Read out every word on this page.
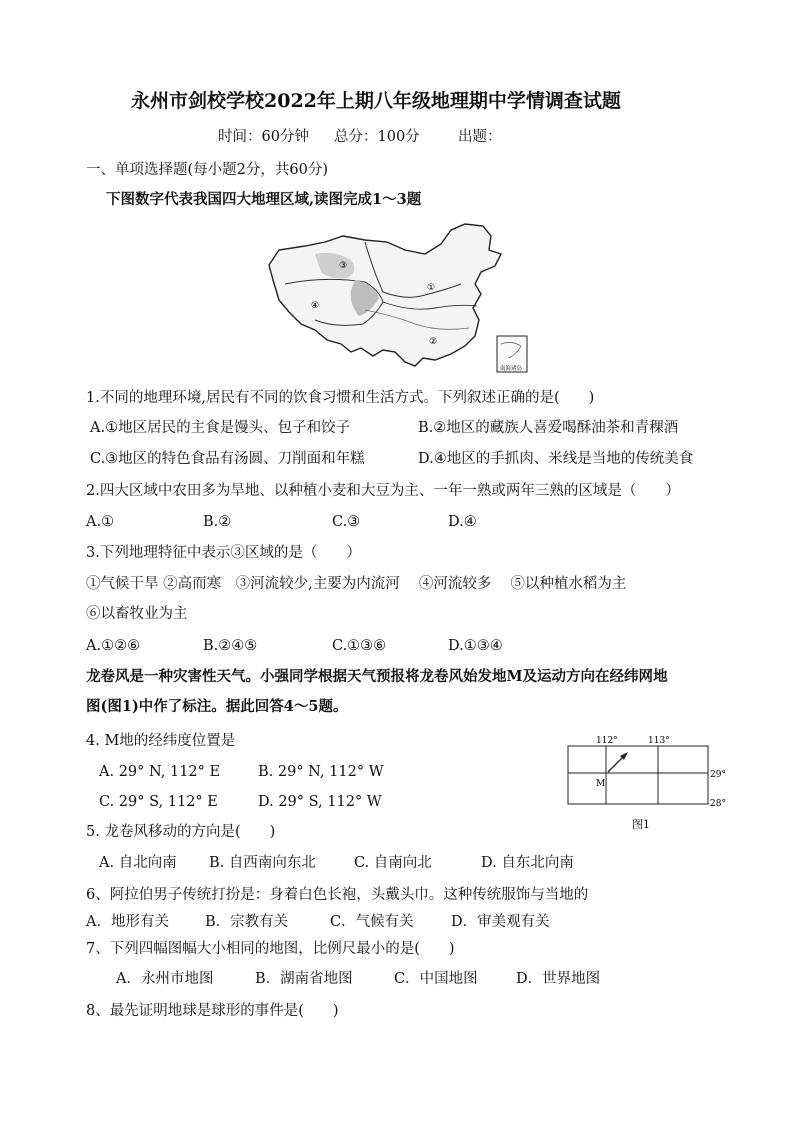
永州市剑校学校2022年上期八年级地理期中学情调查试题
时间：60分钟 总分：100分	出题：
一、单项选择题(每小题2分，共60分)
下图数字代表我国四大地理区域,读图完成1～3题
③
④
①
②
南海诸岛
1.不同的地理环境,居民有不同的饮食习惯和生活方式。下列叙述正确的是(　　)
A.①地区居民的主食是馒头、包子和饺子	B.②地区的藏族人喜爱喝酥油茶和青稞酒
C.③地区的特色食品有汤圆、刀削面和年糕	D.④地区的手抓肉、米线是当地的传统美食
2.四大区域中农田多为旱地、以种植小麦和大豆为主、一年一熟或两年三熟的区域是（　　）
A.①	B.②	C.③	D.④
3.下列地理特征中表示③区域的是（　　）
①气候干旱 ②高而寒　③河流较少,主要为内流河　 ④河流较多　 ⑤以种植水稻为主
⑥以畜牧业为主
A.①②⑥	B.②④⑤	C.①③⑥	D.①③④
龙卷风是一种灾害性天气。小强同学根据天气预报将龙卷风始发地M及运动方向在经纬网地
图(图1)中作了标注。据此回答4～5题。
112°	113°
29°
28°
M
图1
4. M地的经纬度位置是
A. 29° N, 112° E	B. 29° N, 112° W
C. 29° S, 112° E	D. 29° S, 112° W
5. 龙卷风移动的方向是(　　)
A. 自北向南 B. 自西南向东北	C. 自南向北	D. 自东北向南
6、阿拉伯男子传统打扮是：身着白色长袍，头戴头巾。这种传统服饰与当地的
A．地形有关 B．宗教有关	C．气候有关	D．审美观有关
7、下列四幅图幅大小相同的地图，比例尺最小的是(　　)
A．永州市地图	B．湖南省地图	C．中国地图	D．世界地图
8、最先证明地球是球形的事件是(　　)
